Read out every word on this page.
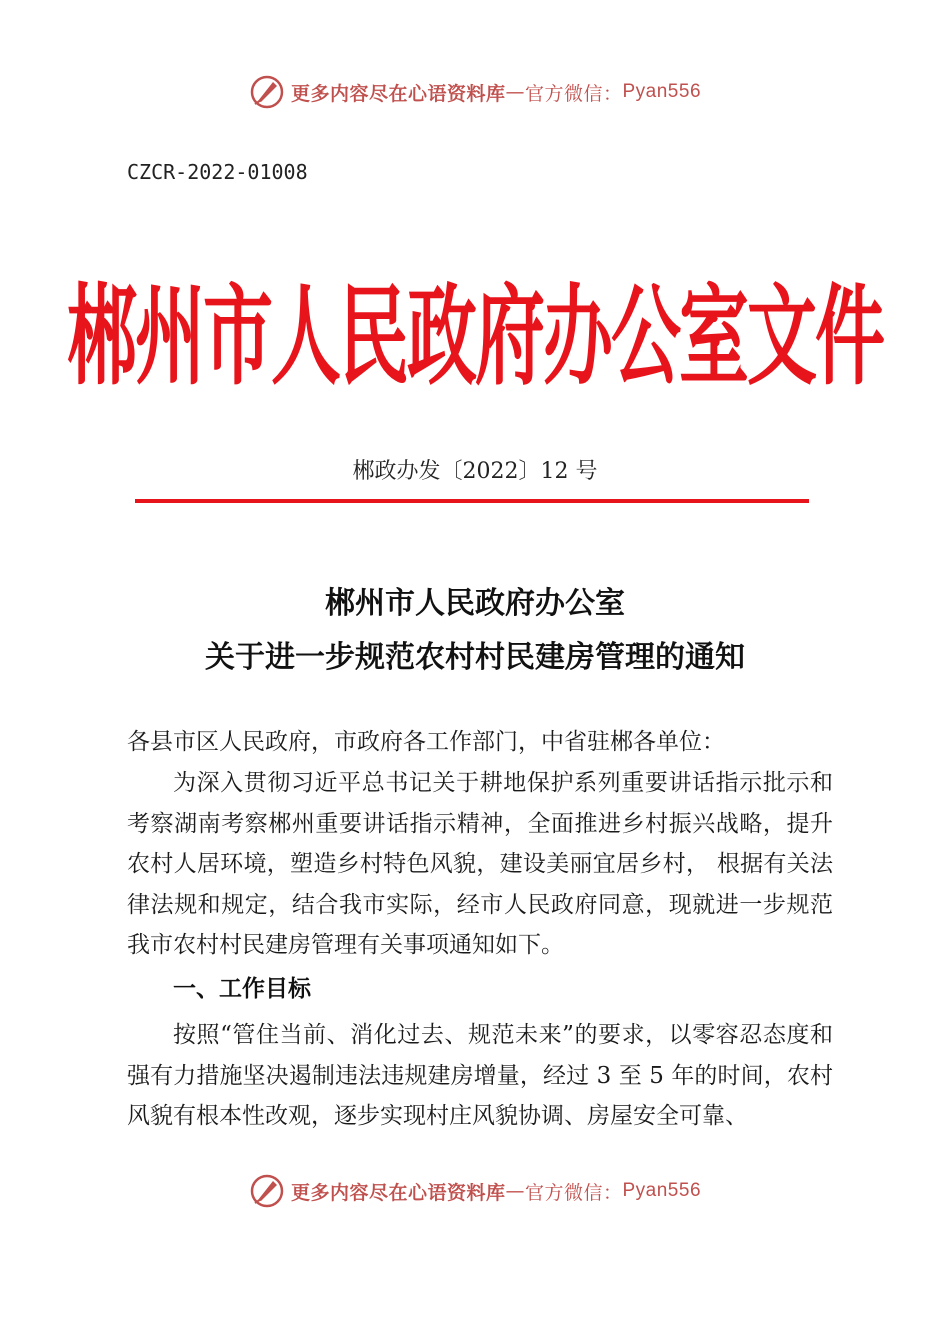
更多内容尽在心语资料库 — 官方微信： Pyan556
CZCR-2022-01008
郴州市人民政府办公室文件
郴政办发〔2022〕12 号
郴州市人民政府办公室
关于进一步规范农村村民建房管理的通知
各县市区人民政府，市政府各工作部门，中省驻郴各单位：
为深入贯彻习近平总书记关于耕地保护系列重要讲话指示批示和考察湖南考察郴州重要讲话指示精神，全面推进乡村振兴战略，提升农村人居环境，塑造乡村特色风貌，建设美丽宜居乡村， 根据有关法律法规和规定，结合我市实际，经市人民政府同意，现就进一步规范我市农村村民建房管理有关事项通知如下。
一、工作目标
按照“管住当前、消化过去、规范未来”的要求，以零容忍态度和强有力措施坚决遏制违法违规建房增量，经过 3 至 5 年的时间，农村风貌有根本性改观，逐步实现村庄风貌协调、房屋安全可靠、
更多内容尽在心语资料库 — 官方微信： Pyan556
